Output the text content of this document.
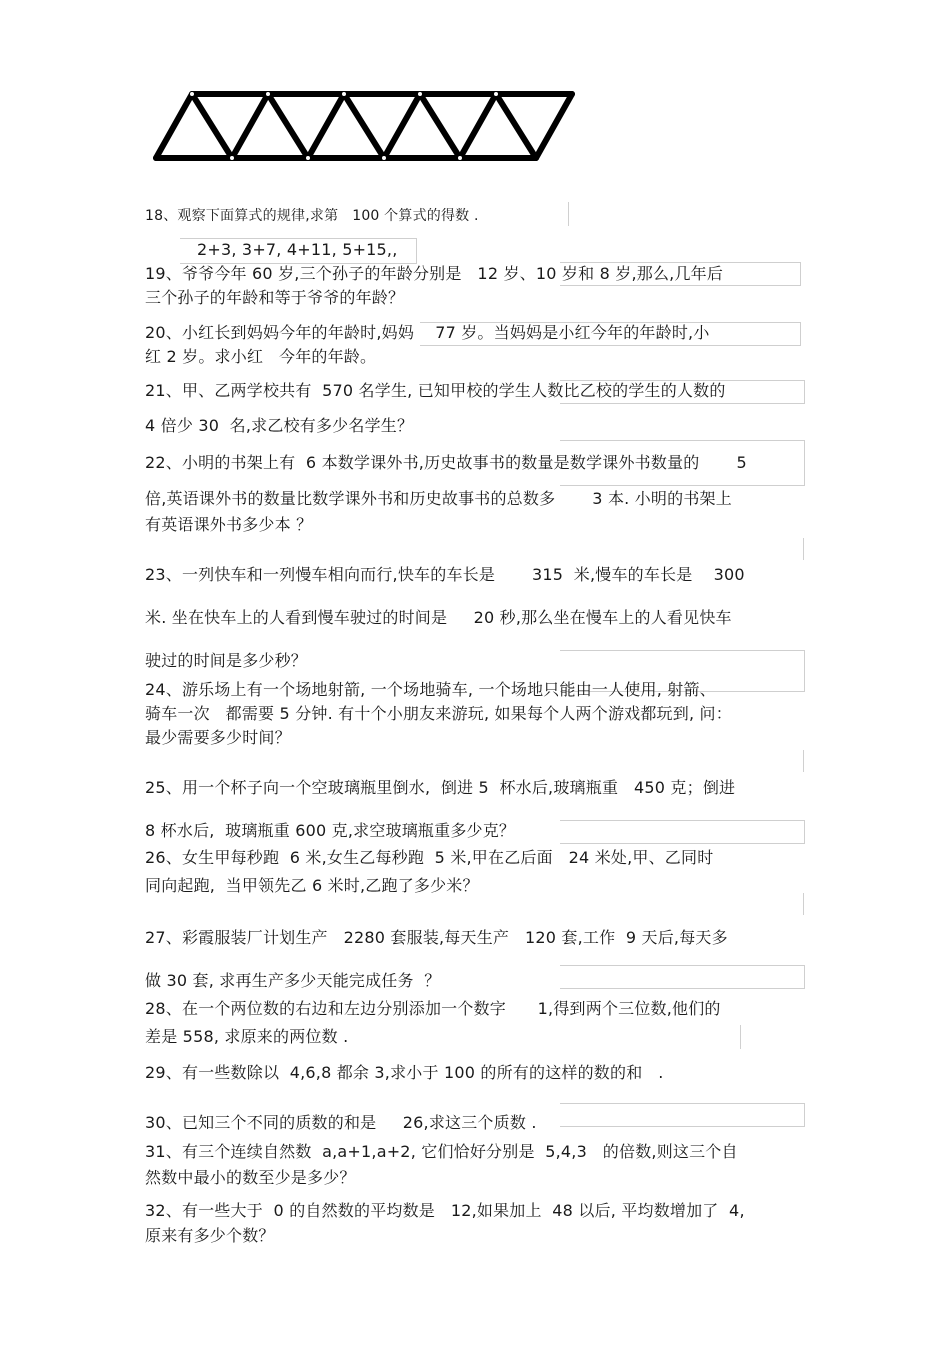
18、观察下面算式的规律,求第   100 个算式的得数 .
2+3, 3+7, 4+11, 5+15,,
19、爷爷今年 60 岁,三个孙子的年龄分别是   12 岁、10 岁和 8 岁,那么,几年后
三个孙子的年龄和等于爷爷的年龄？
20、小红长到妈妈今年的年龄时,妈妈    77 岁。当妈妈是小红今年的年龄时,小
红 2 岁。求小红   今年的年龄。
21、甲、乙两学校共有  570 名学生, 已知甲校的学生人数比乙校的学生的人数的
4 倍少 30  名,求乙校有多少名学生？
22、小明的书架上有  6 本数学课外书,历史故事书的数量是数学课外书数量的       5
倍,英语课外书的数量比数学课外书和历史故事书的总数多       3 本. 小明的书架上
有英语课外书多少本 ？
23、一列快车和一列慢车相向而行,快车的车长是       315  米,慢车的车长是    300
米. 坐在快车上的人看到慢车驶过的时间是     20 秒,那么坐在慢车上的人看见快车
驶过的时间是多少秒？
24、游乐场上有一个场地射箭, 一个场地骑车, 一个场地只能由一人使用, 射箭、
骑车一次   都需要 5 分钟. 有十个小朋友来游玩, 如果每个人两个游戏都玩到, 问：
最少需要多少时间？
25、用一个杯子向一个空玻璃瓶里倒水,  倒进 5  杯水后,玻璃瓶重   450 克；倒进
8 杯水后,  玻璃瓶重 600 克,求空玻璃瓶重多少克？
26、女生甲每秒跑  6 米,女生乙每秒跑  5 米,甲在乙后面   24 米处,甲、乙同时
同向起跑,  当甲领先乙 6 米时,乙跑了多少米？
27、彩霞服装厂计划生产   2280 套服装,每天生产   120 套,工作  9 天后,每天多
做 30 套, 求再生产多少天能完成任务  ？
28、在一个两位数的右边和左边分别添加一个数字      1,得到两个三位数,他们的
差是 558, 求原来的两位数 .
29、有一些数除以  4,6,8 都余 3,求小于 100 的所有的这样的数的和   .
30、已知三个不同的质数的和是     26,求这三个质数 .
31、有三个连续自然数  a,a+1,a+2, 它们恰好分别是  5,4,3   的倍数,则这三个自
然数中最小的数至少是多少？
32、有一些大于  0 的自然数的平均数是   12,如果加上  48 以后, 平均数增加了  4,
原来有多少个数？
